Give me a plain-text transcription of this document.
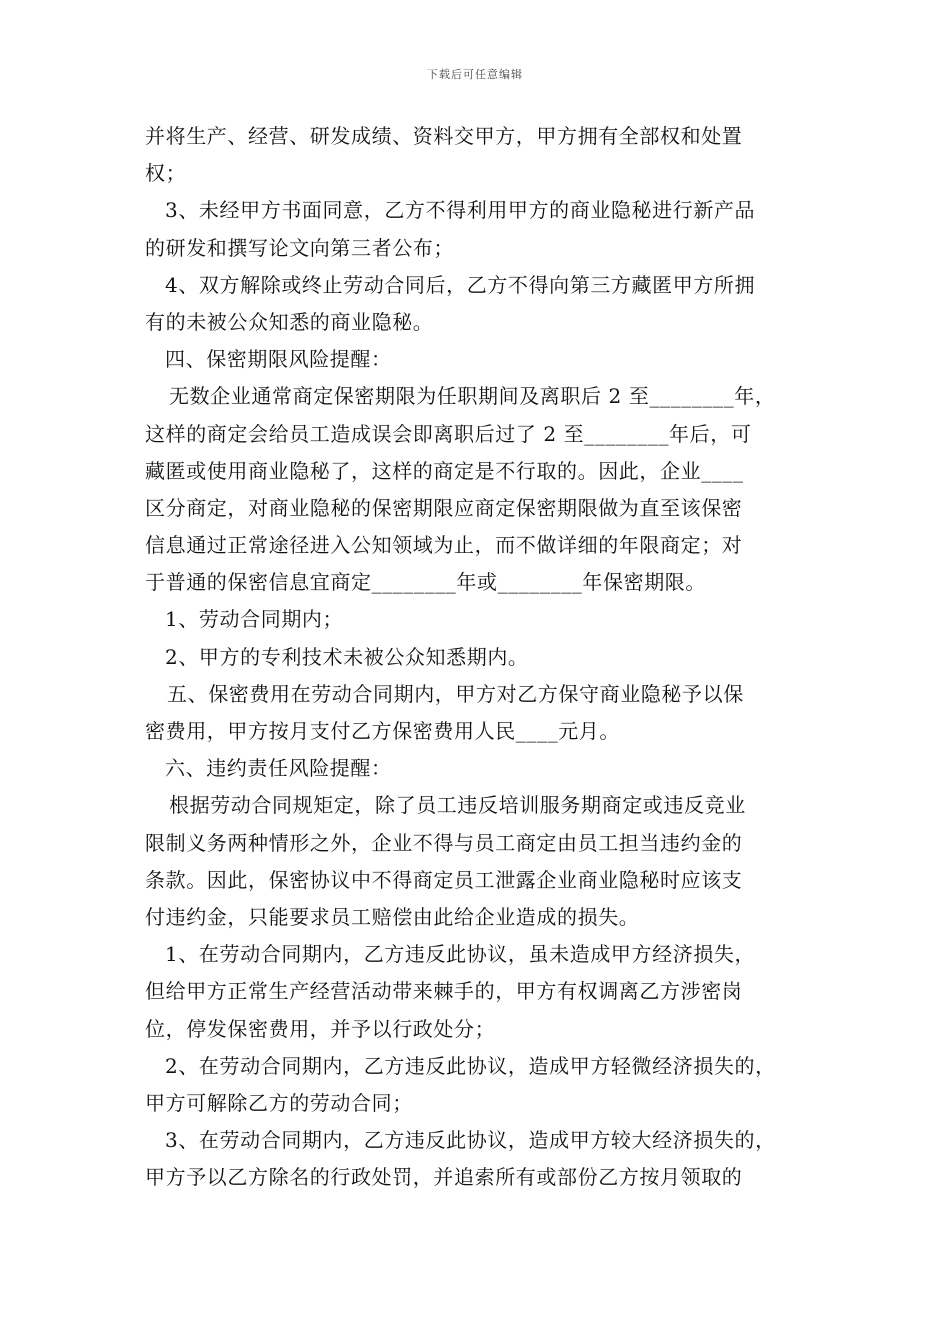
下载后可任意编辑
并将生产、经营、研发成绩、资料交甲方，甲方拥有全部权和处置
权；
3、未经甲方书面同意，乙方不得利用甲方的商业隐秘进行新产品
的研发和撰写论文向第三者公布；
4、双方解除或终止劳动合同后，乙方不得向第三方藏匿甲方所拥
有的未被公众知悉的商业隐秘。
四、保密期限风险提醒：
无数企业通常商定保密期限为任职期间及离职后 2 至________年，
这样的商定会给员工造成误会即离职后过了 2 至________年后，可
藏匿或使用商业隐秘了，这样的商定是不行取的。因此，企业____
区分商定，对商业隐秘的保密期限应商定保密期限做为直至该保密
信息通过正常途径进入公知领域为止，而不做详细的年限商定；对
于普通的保密信息宜商定________年或________年保密期限。
1、劳动合同期内；
2、甲方的专利技术未被公众知悉期内。
五、保密费用在劳动合同期内，甲方对乙方保守商业隐秘予以保
密费用，甲方按月支付乙方保密费用人民____元月。
六、违约责任风险提醒：
根据劳动合同规矩定，除了员工违反培训服务期商定或违反竞业
限制义务两种情形之外，企业不得与员工商定由员工担当违约金的
条款。因此，保密协议中不得商定员工泄露企业商业隐秘时应该支
付违约金，只能要求员工赔偿由此给企业造成的损失。
1、在劳动合同期内，乙方违反此协议，虽未造成甲方经济损失，
但给甲方正常生产经营活动带来棘手的，甲方有权调离乙方涉密岗
位，停发保密费用，并予以行政处分；
2、在劳动合同期内，乙方违反此协议，造成甲方轻微经济损失的，
甲方可解除乙方的劳动合同；
3、在劳动合同期内，乙方违反此协议，造成甲方较大经济损失的，
甲方予以乙方除名的行政处罚，并追索所有或部份乙方按月领取的
